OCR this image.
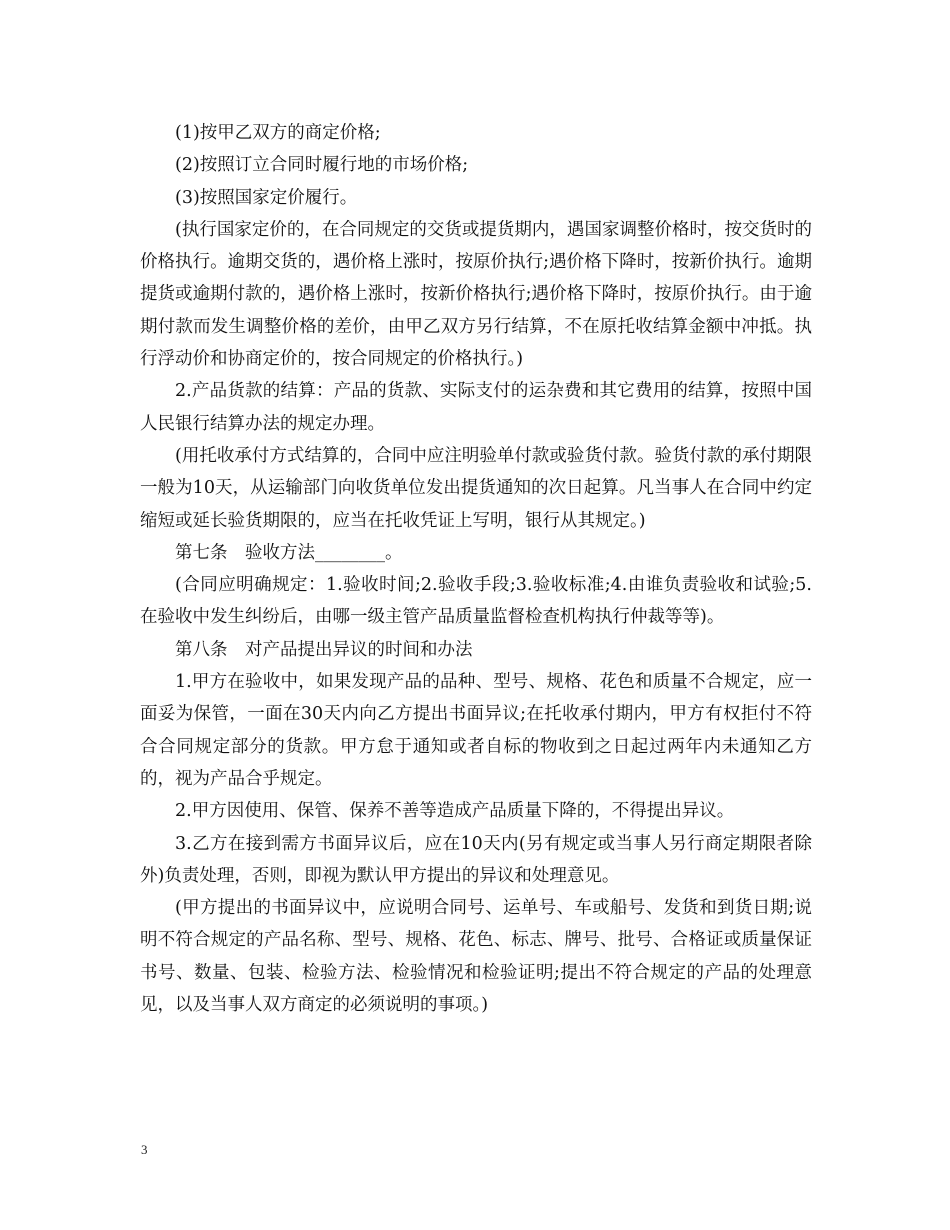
(1)按甲乙双方的商定价格;

(2)按照订立合同时履行地的市场价格;

(3)按照国家定价履行。

(执行国家定价的，在合同规定的交货或提货期内，遇国家调整价格时，按交货时的价格执行。逾期交货的，遇价格上涨时，按原价执行;遇价格下降时，按新价执行。逾期提货或逾期付款的，遇价格上涨时，按新价格执行;遇价格下降时，按原价执行。由于逾期付款而发生调整价格的差价，由甲乙双方另行结算，不在原托收结算金额中冲抵。执行浮动价和协商定价的，按合同规定的价格执行。)

2.产品货款的结算：产品的货款、实际支付的运杂费和其它费用的结算，按照中国人民银行结算办法的规定办理。

(用托收承付方式结算的，合同中应注明验单付款或验货付款。验货付款的承付期限一般为10天，从运输部门向收货单位发出提货通知的次日起算。凡当事人在合同中约定缩短或延长验货期限的，应当在托收凭证上写明，银行从其规定。)

第七条　验收方法________。

(合同应明确规定：1.验收时间;2.验收手段;3.验收标准;4.由谁负责验收和试验;5.在验收中发生纠纷后，由哪一级主管产品质量监督检查机构执行仲裁等等)。

第八条　对产品提出异议的时间和办法

1.甲方在验收中，如果发现产品的品种、型号、规格、花色和质量不合规定，应一面妥为保管，一面在30天内向乙方提出书面异议;在托收承付期内，甲方有权拒付不符合合同规定部分的货款。甲方怠于通知或者自标的物收到之日起过两年内未通知乙方的，视为产品合乎规定。

2.甲方因使用、保管、保养不善等造成产品质量下降的，不得提出异议。

3.乙方在接到需方书面异议后，应在10天内(另有规定或当事人另行商定期限者除外)负责处理，否则，即视为默认甲方提出的异议和处理意见。

(甲方提出的书面异议中，应说明合同号、运单号、车或船号、发货和到货日期;说明不符合规定的产品名称、型号、规格、花色、标志、牌号、批号、合格证或质量保证书号、数量、包装、检验方法、检验情况和检验证明;提出不符合规定的产品的处理意见，以及当事人双方商定的必须说明的事项。)

3
